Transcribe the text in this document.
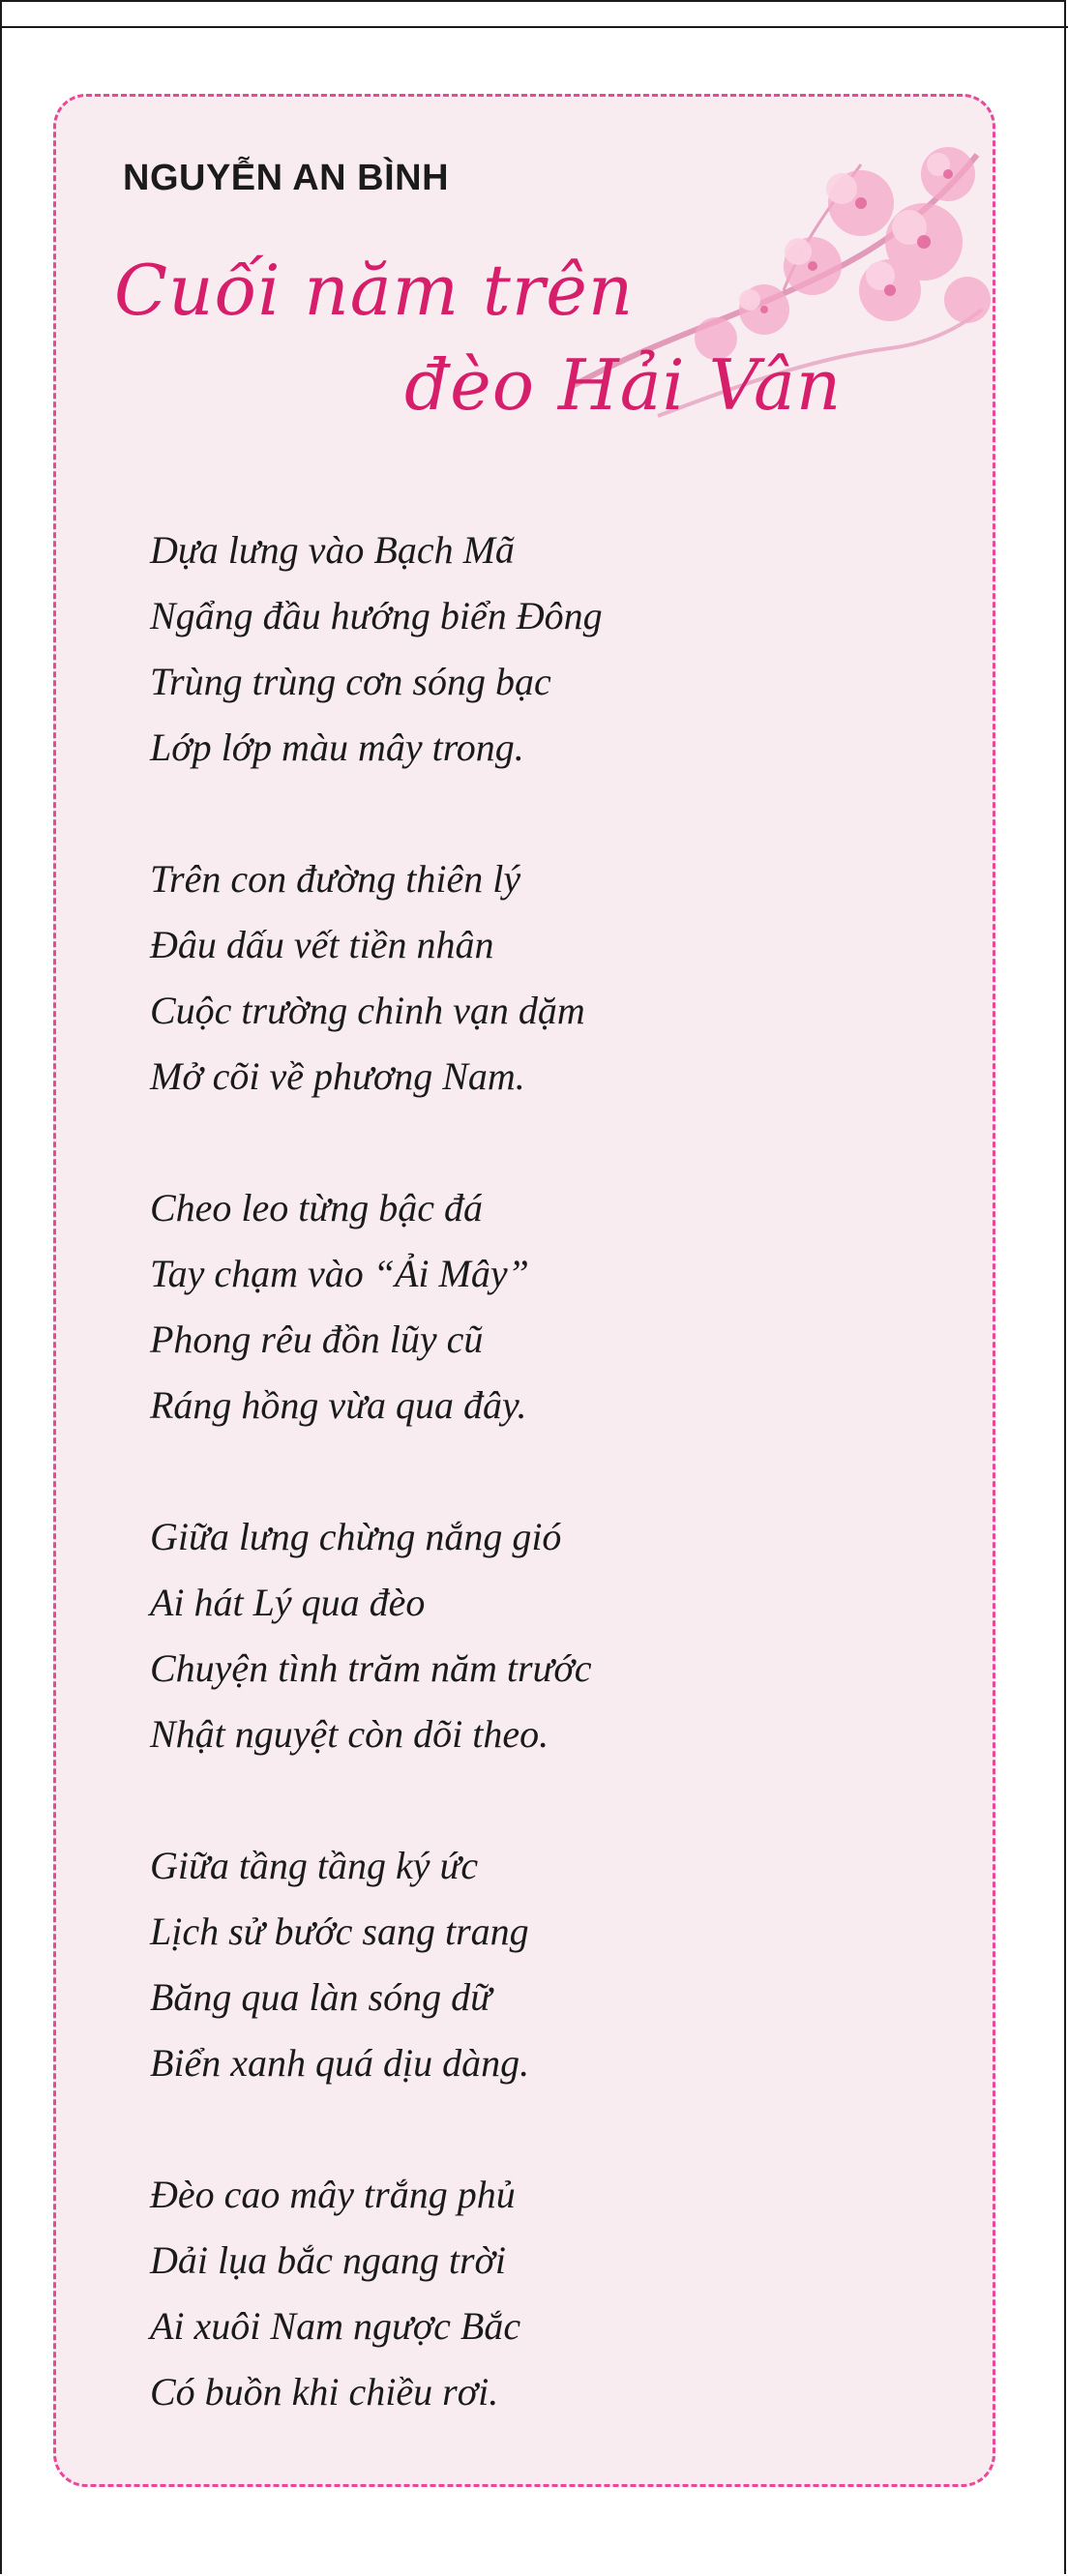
NGUYỄN AN BÌNH
Cuối năm trên
đèo Hải Vân
Dựa lưng vào Bạch Mã
Ngẩng đầu hướng biển Đông
Trùng trùng cơn sóng bạc
Lớp lớp màu mây trong.
Trên con đường thiên lý
Đâu dấu vết tiền nhân
Cuộc trường chinh vạn dặm
Mở cõi về phương Nam.
Cheo leo từng bậc đá
Tay chạm vào “Ải Mây”
Phong rêu đồn lũy cũ
Ráng hồng vừa qua đây.
Giữa lưng chừng nắng gió
Ai hát Lý qua đèo
Chuyện tình trăm năm trước
Nhật nguyệt còn dõi theo.
Giữa tầng tầng ký ức
Lịch sử bước sang trang
Băng qua làn sóng dữ
Biển xanh quá dịu dàng.
Đèo cao mây trắng phủ
Dải lụa bắc ngang trời
Ai xuôi Nam ngược Bắc
Có buồn khi chiều rơi.
